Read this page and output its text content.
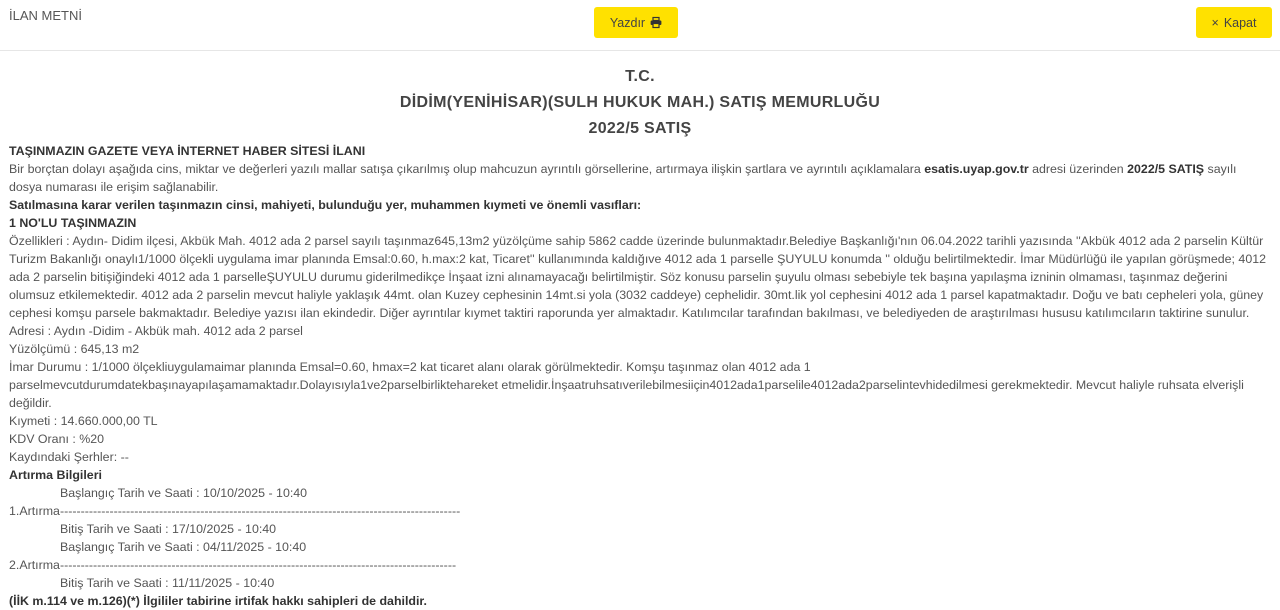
İLAN METNİ	Yazdır	× Kapat
T.C.
DİDİM(YENİHİSAR)(SULH HUKUK MAH.) SATIŞ MEMURLUĞU
2022/5 SATIŞ
TAŞINMAZIN GAZETE VEYA İNTERNET HABER SİTESİ İLANI
Bir borçtan dolayı aşağıda cins, miktar ve değerleri yazılı mallar satışa çıkarılmış olup mahcuzun ayrıntılı görsellerine, artırmaya ilişkin şartlara ve ayrıntılı açıklamalara esatis.uyap.gov.tr adresi üzerinden 2022/5 SATIŞ sayılı dosya numarası ile erişim sağlanabilir.
Satılmasına karar verilen taşınmazın cinsi, mahiyeti, bulunduğu yer, muhammen kıymeti ve önemli vasıfları:
1 NO'LU TAŞINMAZIN
Özellikleri : Aydın- Didim ilçesi, Akbük Mah. 4012 ada 2 parsel sayılı taşınmaz645,13m2 yüzölçüme sahip 5862 cadde üzerinde bulunmaktadır.Belediye Başkanlığı'nın 06.04.2022 tarihli yazısında ''Akbük 4012 ada 2 parselin Kültür Turizm Bakanlığı onaylı1/1000 ölçekli uygulama imar planında Emsal:0.60, h.max:2 kat, Ticaret'' kullanımında kaldığıve 4012 ada 1 parselle ŞUYULU konumda '' olduğu belirtilmektedir. İmar Müdürlüğü ile yapılan görüşmede; 4012 ada 2 parselin bitişiğindeki 4012 ada 1 parselleŞUYULU durumu giderilmedikçe İnşaat izni alınamayacağı belirtilmiştir. Söz konusu parselin şuyulu olması sebebiyle tek başına yapılaşma izninin olmaması, taşınmaz değerini olumsuz etkilemektedir. 4012 ada 2 parselin mevcut haliyle yaklaşık 44mt. olan Kuzey cephesinin 14mt.si yola (3032 caddeye) cephelidir. 30mt.lik yol cephesini 4012 ada 1 parsel kapatmaktadır. Doğu ve batı cepheleri yola, güney cephesi komşu parsele bakmaktadır. Belediye yazısı ilan ekindedir. Diğer ayrıntılar kıymet taktiri raporunda yer almaktadır. Katılımcılar tarafından bakılması, ve belediyeden de araştırılması hususu katılımcıların taktirine sunulur.
Adresi : Aydın -Didim - Akbük mah. 4012 ada 2 parsel
Yüzölçümü : 645,13 m2
İmar Durumu : 1/1000 ölçekliuygulamaimar planında Emsal=0.60, hmax=2 kat ticaret alanı olarak görülmektedir. Komşu taşınmaz olan 4012 ada 1 parselmevcutdurumdatekbaşınayapılaşamamaktadır.Dolayısıyla1ve2parselbirliktehareket etmelidir.İnşaatruhsatıverilebilmesiiçin4012ada1parselile4012ada2parselintevhidedilmesi gerekmektedir. Mevcut haliyle ruhsata elverişli değildir.
Kıymeti : 14.660.000,00 TL
KDV Oranı : %20
Kaydındaki Şerhler: --
Artırma Bilgileri
Başlangıç Tarih ve Saati : 10/10/2025 - 10:40
1.Artırma-------------------------------------------------------------------------------------------------
Bitiş Tarih ve Saati : 17/10/2025 - 10:40
Başlangıç Tarih ve Saati : 04/11/2025 - 10:40
2.Artırma------------------------------------------------------------------------------------------------
Bitiş Tarih ve Saati : 11/11/2025 - 10:40
(İİK m.114 ve m.126)(*) İlgililer tabirine irtifak hakkı sahipleri de dahildir.
